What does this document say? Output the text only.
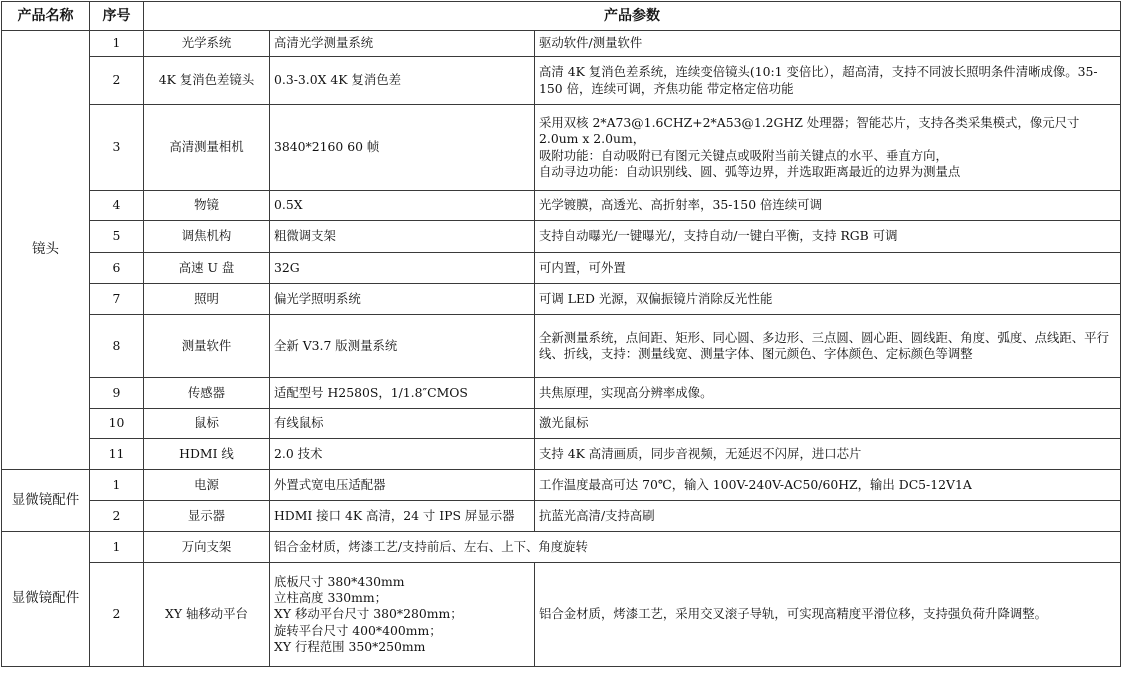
产品名称	序号	产品参数		
镜头	1	光学系统	高清光学测量系统	驱动软件/测量软件
	2	4K 复消色差镜头	0.3-3.0X 4K 复消色差	高清 4K 复消色差系统，连续变倍镜头(10:1 变倍比），超高清，支持不同波长照明条件清晰成像。35-150 倍，连续可调，齐焦功能 带定格定倍功能
	3	高清测量相机	3840*2160 60 帧	采用双核 2*A73@1.6CHZ+2*A53@1.2GHZ 处理器；智能芯片，支持各类采集模式，像元尺寸 2.0um x 2.0um，
吸附功能：自动吸附已有图元关键点或吸附当前关键点的水平、垂直方向，
自动寻边功能：自动识别线、圆、弧等边界，并选取距离最近的边界为测量点
	4	物镜	0.5X	光学镀膜，高透光、高折射率，35-150 倍连续可调
	5	调焦机构	粗微调支架	支持自动曝光/一键曝光/，支持自动/一键白平衡，支持 RGB 可调
	6	高速 U 盘	32G	可内置，可外置
	7	照明	偏光学照明系统	可调 LED 光源，双偏振镜片消除反光性能
	8	测量软件	全新 V3.7 版测量系统	全新测量系统，点间距、矩形、同心圆、多边形、三点圆、圆心距、圆线距、角度、弧度、点线距、平行线、折线，支持：测量线宽、测量字体、图元颜色、字体颜色、定标颜色等调整
	9	传感器	适配型号 H2580S，1/1.8″CMOS	共焦原理，实现高分辨率成像。
	10	鼠标	有线鼠标	激光鼠标
	11	HDMI 线	2.0 技术	支持 4K 高清画质，同步音视频，无延迟不闪屏，进口芯片
显微镜配件	1	电源	外置式宽电压适配器	工作温度最高可达 70℃，输入 100V-240V-AC50/60HZ，输出 DC5-12V1A
	2	显示器	HDMI 接口 4K 高清，24 寸 IPS 屏显示器	抗蓝光高清/支持高刷
显微镜配件	1	万向支架	铝合金材质，烤漆工艺/支持前后、左右、上下、角度旋转	
	2	XY 轴移动平台	底板尺寸 380*430mm
立柱高度 330mm；
XY 移动平台尺寸 380*280mm；
旋转平台尺寸 400*400mm；
XY 行程范围 350*250mm	铝合金材质，烤漆工艺，采用交叉滚子导轨，可实现高精度平滑位移，支持强负荷升降调整。
